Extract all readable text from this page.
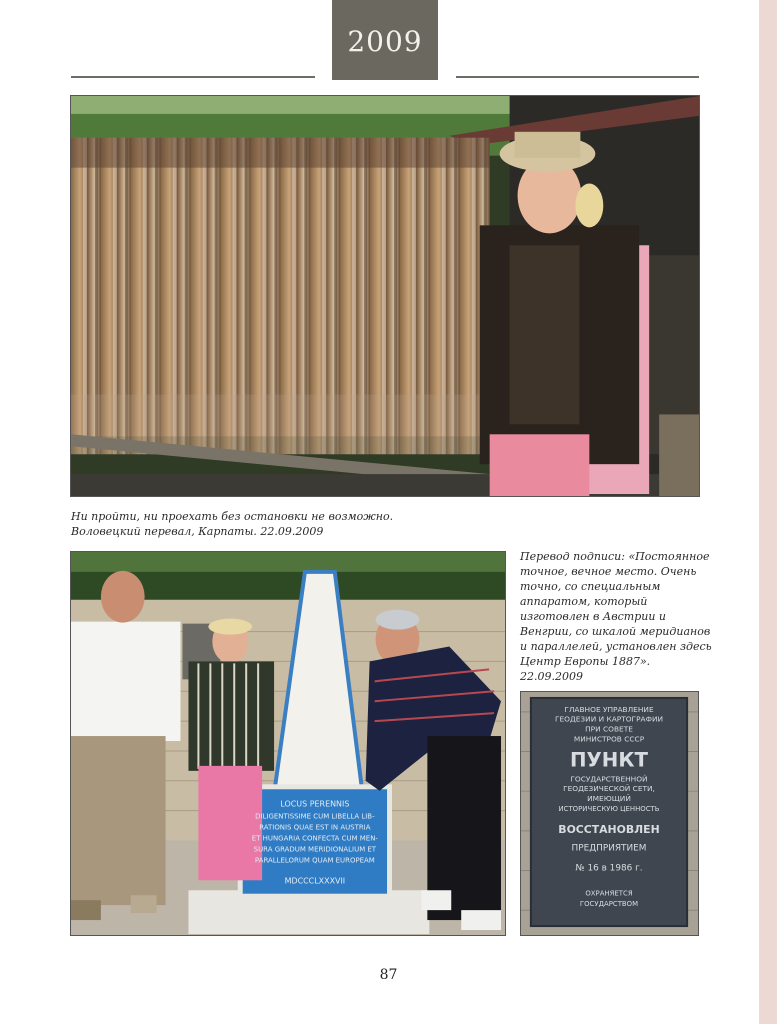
2009
Ни пройти, ни проехать без остановки не возможно.
Воловецкий перевал, Карпаты. 22.09.2009
LOCUS PERENNIS
DILIGENTISSIME CUM LIBELLA LIB-
RATIONIS QUAE EST IN AUSTRIA
ET HUNGARIA CONFECTA CUM MEN-
SURA GRADUM MERIDIONALIUM ET
PARALLELORUM QUAM EUROPEAM
MDCCCLXXXVII
Перевод подписи: «Постоянное
точное, вечное место. Очень
точно, со специальным
аппаратом, который
изготовлен в Австрии и
Венгрии, со шкалой меридианов
и параллелей, установлен здесь
Центр Европы 1887».
22.09.2009
ГЛАВНОЕ УПРАВЛЕНИЕ
ГЕОДЕЗИИ И КАРТОГРАФИИ
ПРИ СОВЕТЕ
МИНИСТРОВ СССР
ПУНКТ
ГОСУДАРСТВЕННОЙ
ГЕОДЕЗИЧЕСКОЙ СЕТИ,
ИМЕЮЩИЙ
ИСТОРИЧЕСКУЮ ЦЕННОСТЬ
ВОССТАНОВЛЕН
ПРЕДПРИЯТИЕМ
№ 16 в 1986 г.
ОХРАНЯЕТСЯ
ГОСУДАРСТВОМ
87
